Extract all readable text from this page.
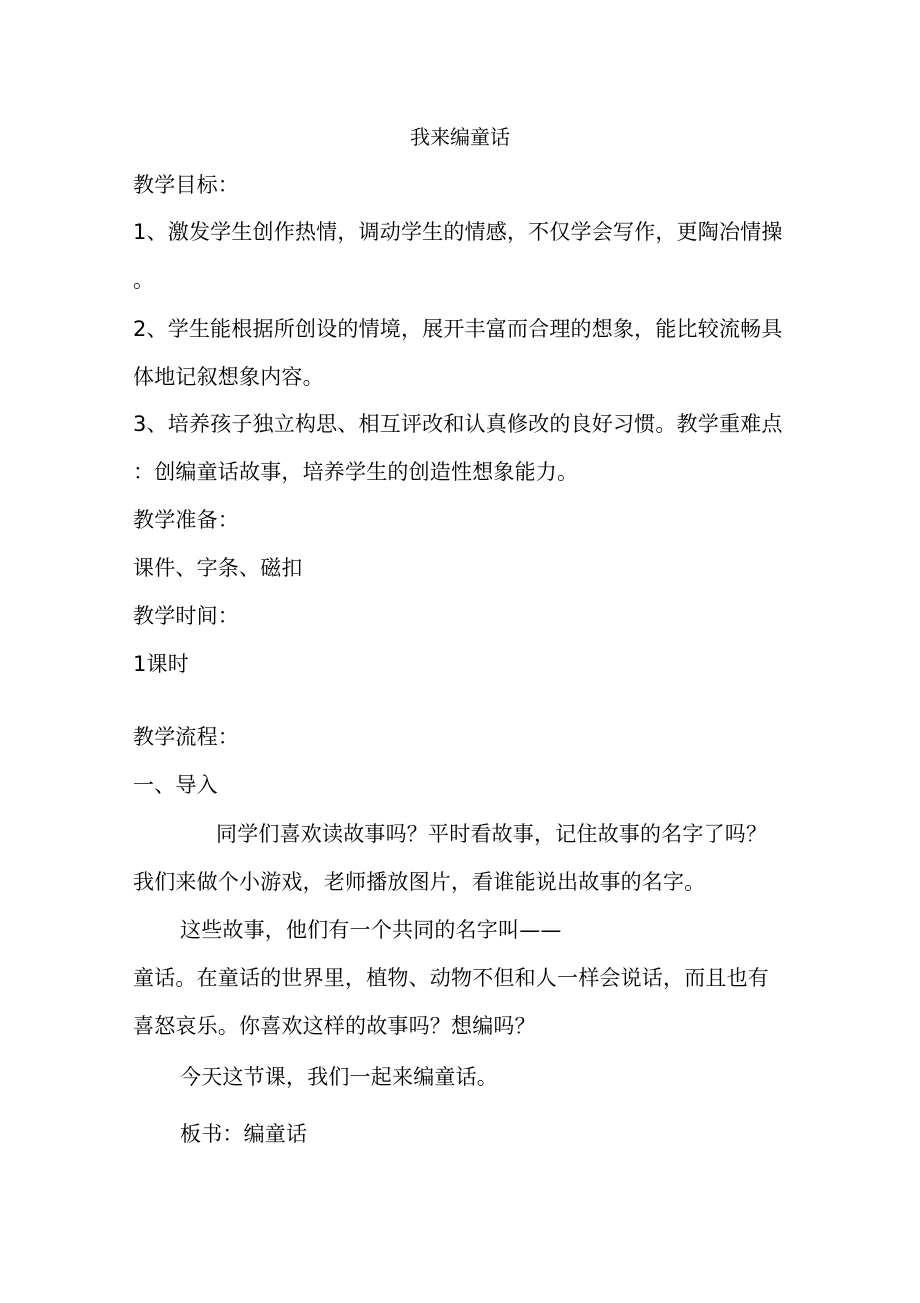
我来编童话
教学目标：
1、激发学生创作热情，调动学生的情感，不仅学会写作，更陶冶情操
。
2、学生能根据所创设的情境，展开丰富而合理的想象，能比较流畅具
体地记叙想象内容。
3、培养孩子独立构思、相互评改和认真修改的良好习惯。教学重难点
：创编童话故事，培养学生的创造性想象能力。
教学准备：
课件、字条、磁扣
教学时间：
1课时
教学流程：
一、导入
同学们喜欢读故事吗？平时看故事，记住故事的名字了吗？
我们来做个小游戏，老师播放图片，看谁能说出故事的名字。
这些故事，他们有一个共同的名字叫——
童话。在童话的世界里，植物、动物不但和人一样会说话，而且也有
喜怒哀乐。你喜欢这样的故事吗？想编吗？
今天这节课，我们一起来编童话。
板书：编童话
